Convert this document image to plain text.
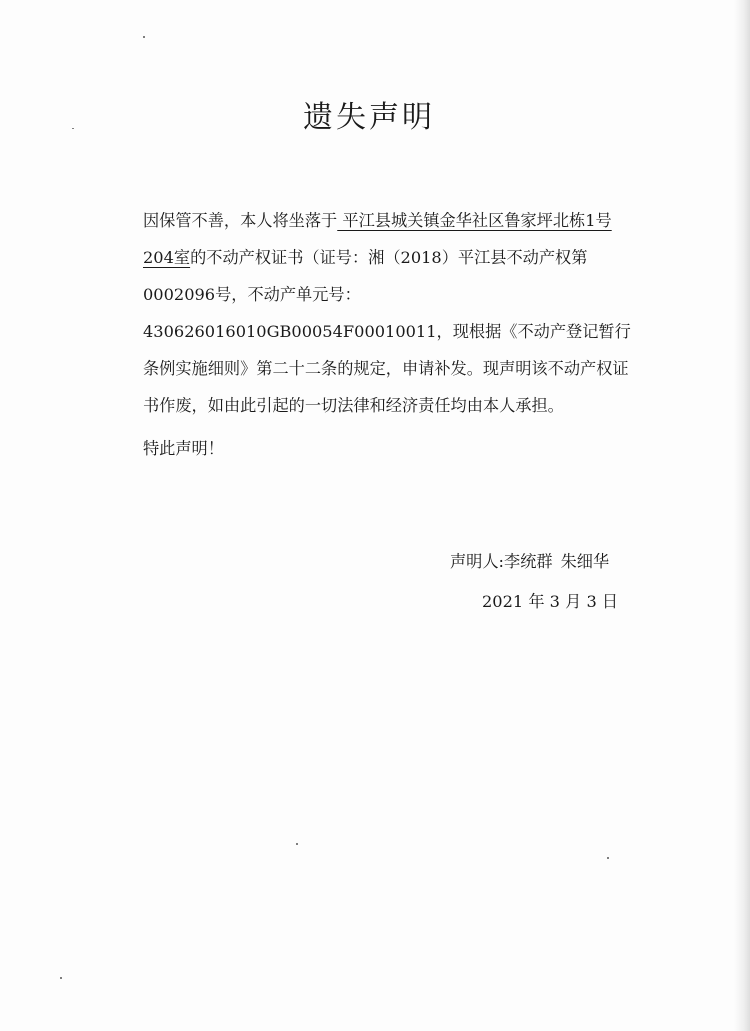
遗失声明

因保管不善，本人将坐落于 平江县城关镇金华社区鲁家坪北栋1号204室的不动产权证书（证号：湘（2018）平江县不动产权第0002096号，不动产单元号：430626016010GB00054F00010011，现根据《不动产登记暂行条例实施细则》第二十二条的规定，申请补发。现声明该不动产权证书作废，如由此引起的一切法律和经济责任均由本人承担。

特此声明！

声明人:李统群 朱细华
2021 年 3 月 3 日
